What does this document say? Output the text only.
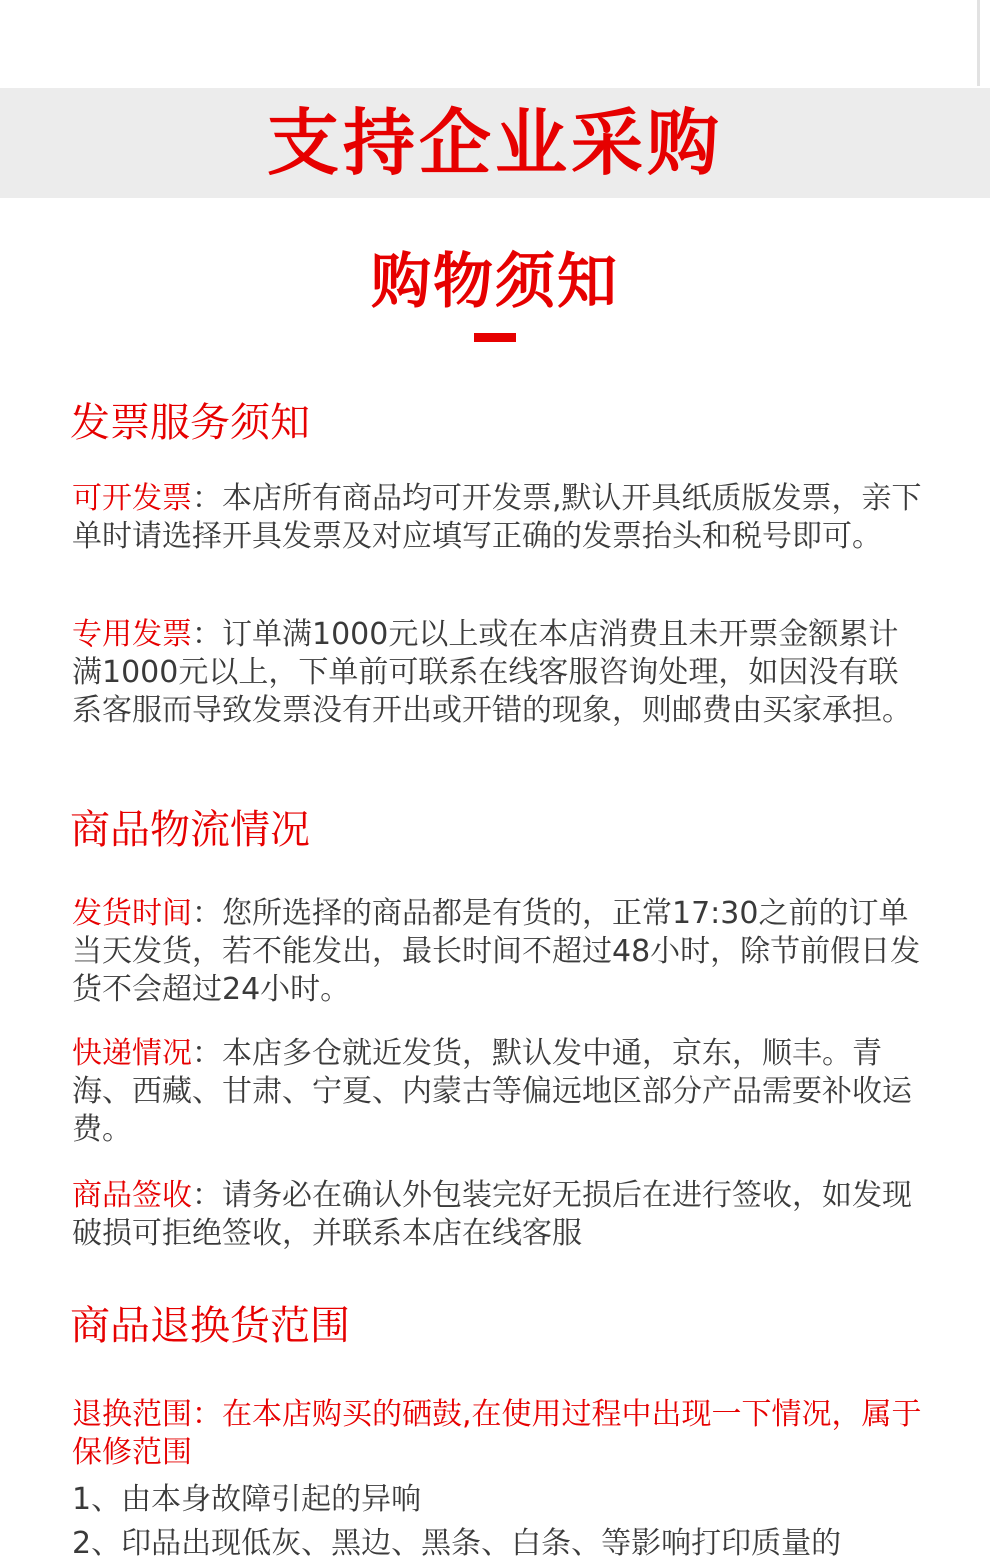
支持企业采购
购物须知
发票服务须知
可开发票：本店所有商品均可开发票,默认开具纸质版发票，亲下单时请选择开具发票及对应填写正确的发票抬头和税号即可。
专用发票：订单满1000元以上或在本店消费且未开票金额累计满1000元以上，下单前可联系在线客服咨询处理，如因没有联系客服而导致发票没有开出或开错的现象，则邮费由买家承担。
商品物流情况
发货时间：您所选择的商品都是有货的，正常17:30之前的订单当天发货，若不能发出，最长时间不超过48小时，除节前假日发货不会超过24小时。
快递情况：本店多仓就近发货，默认发中通，京东，顺丰。青海、西藏、甘肃、宁夏、内蒙古等偏远地区部分产品需要补收运费。
商品签收：请务必在确认外包装完好无损后在进行签收，如发现破损可拒绝签收，并联系本店在线客服
商品退换货范围
退换范围：在本店购买的硒鼓,在使用过程中出现一下情况，属于保修范围
1、由本身故障引起的异响
2、印品出现低灰、黑边、黑条、白条、等影响打印质量的
